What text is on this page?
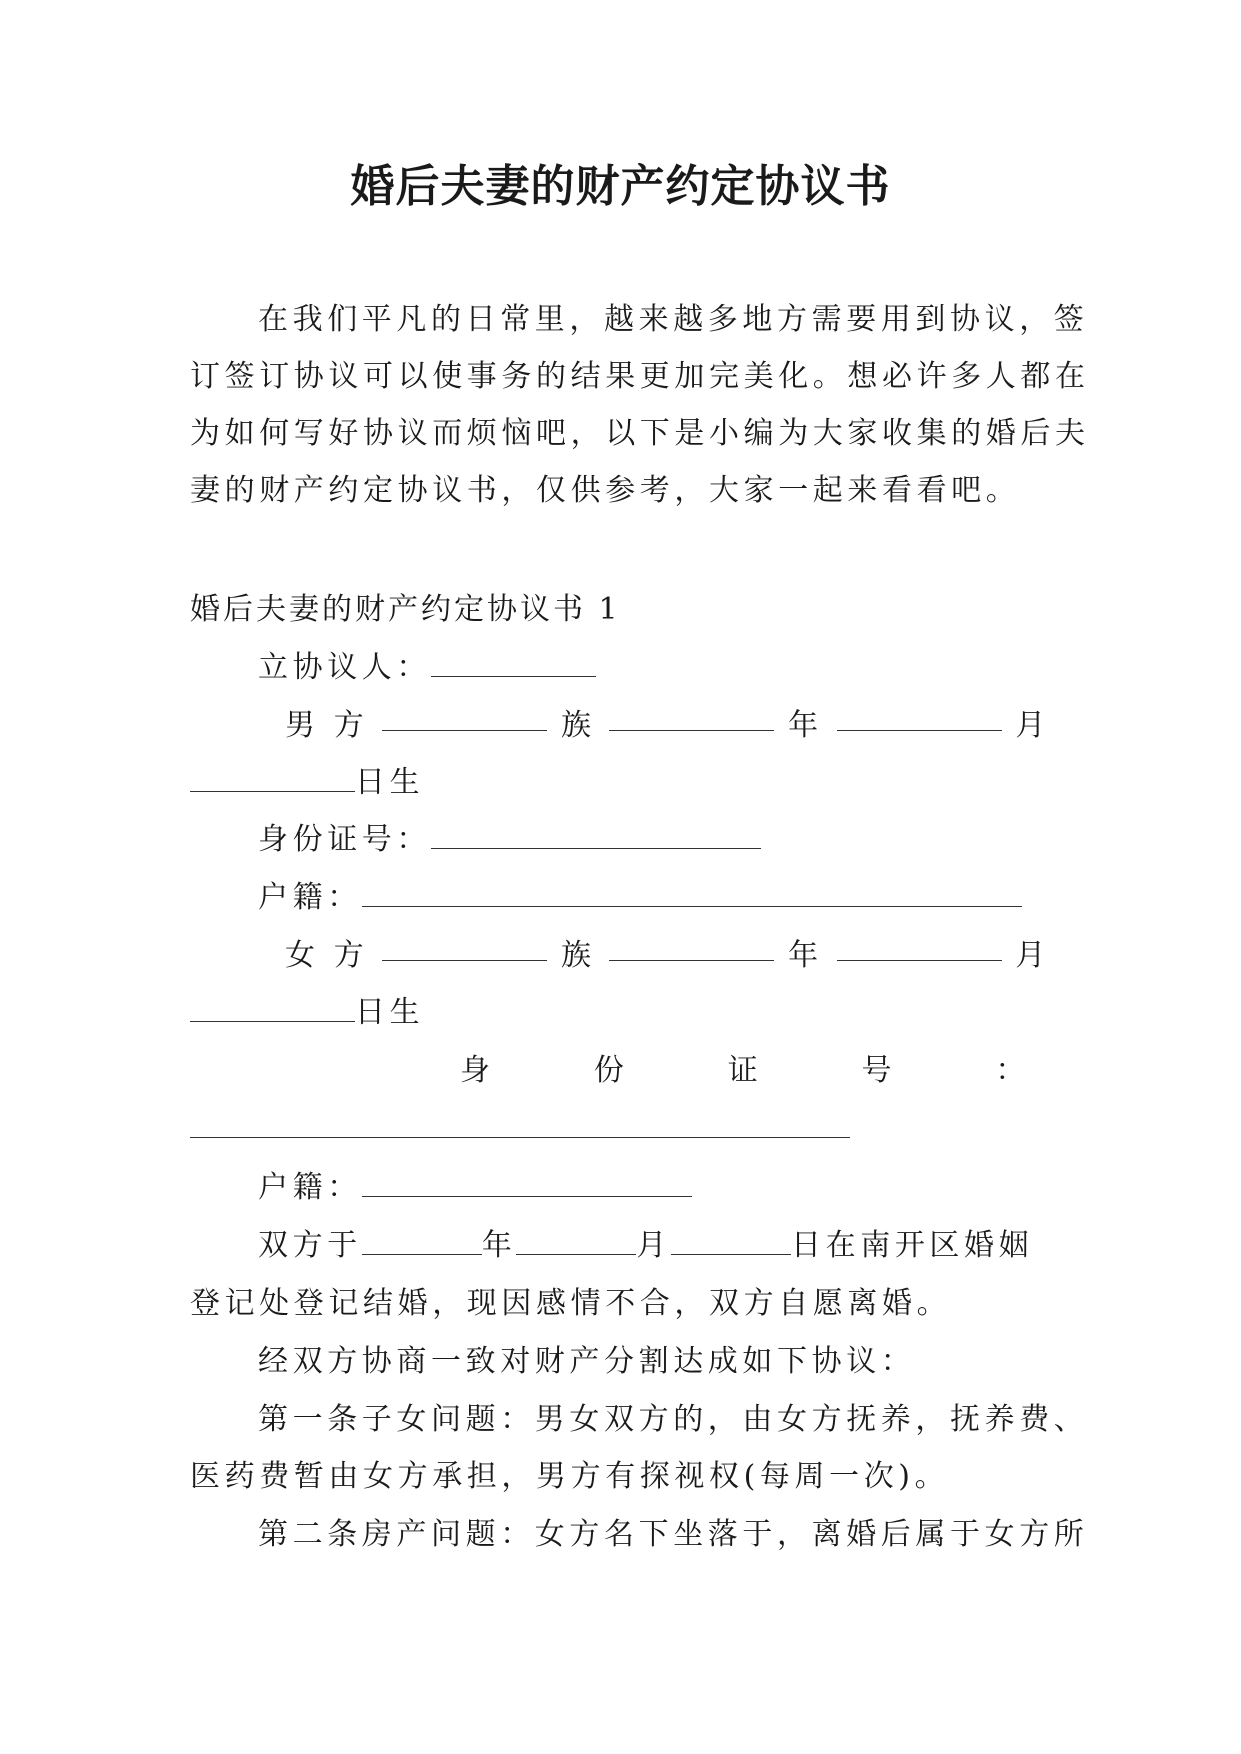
婚后夫妻的财产约定协议书
在我们平凡的日常里，越来越多地方需要用到协议，签
订签订协议可以使事务的结果更加完美化。想必许多人都在
为如何写好协议而烦恼吧，以下是小编为大家收集的婚后夫
妻的财产约定协议书，仅供参考，大家一起来看看吧。
婚后夫妻的财产约定协议书 1
立协议人：
男 方	族	年	月
日生
身份证号：
户籍：
女 方	族	年	月
日生
身	份	证	号	：
户籍：
双方于	年	月	日在南开区婚姻
登记处登记结婚，现因感情不合，双方自愿离婚。
经双方协商一致对财产分割达成如下协议：
第一条子女问题：男女双方的，由女方抚养，抚养费、
医药费暂由女方承担，男方有探视权(每周一次)。
第二条房产问题：女方名下坐落于，离婚后属于女方所
